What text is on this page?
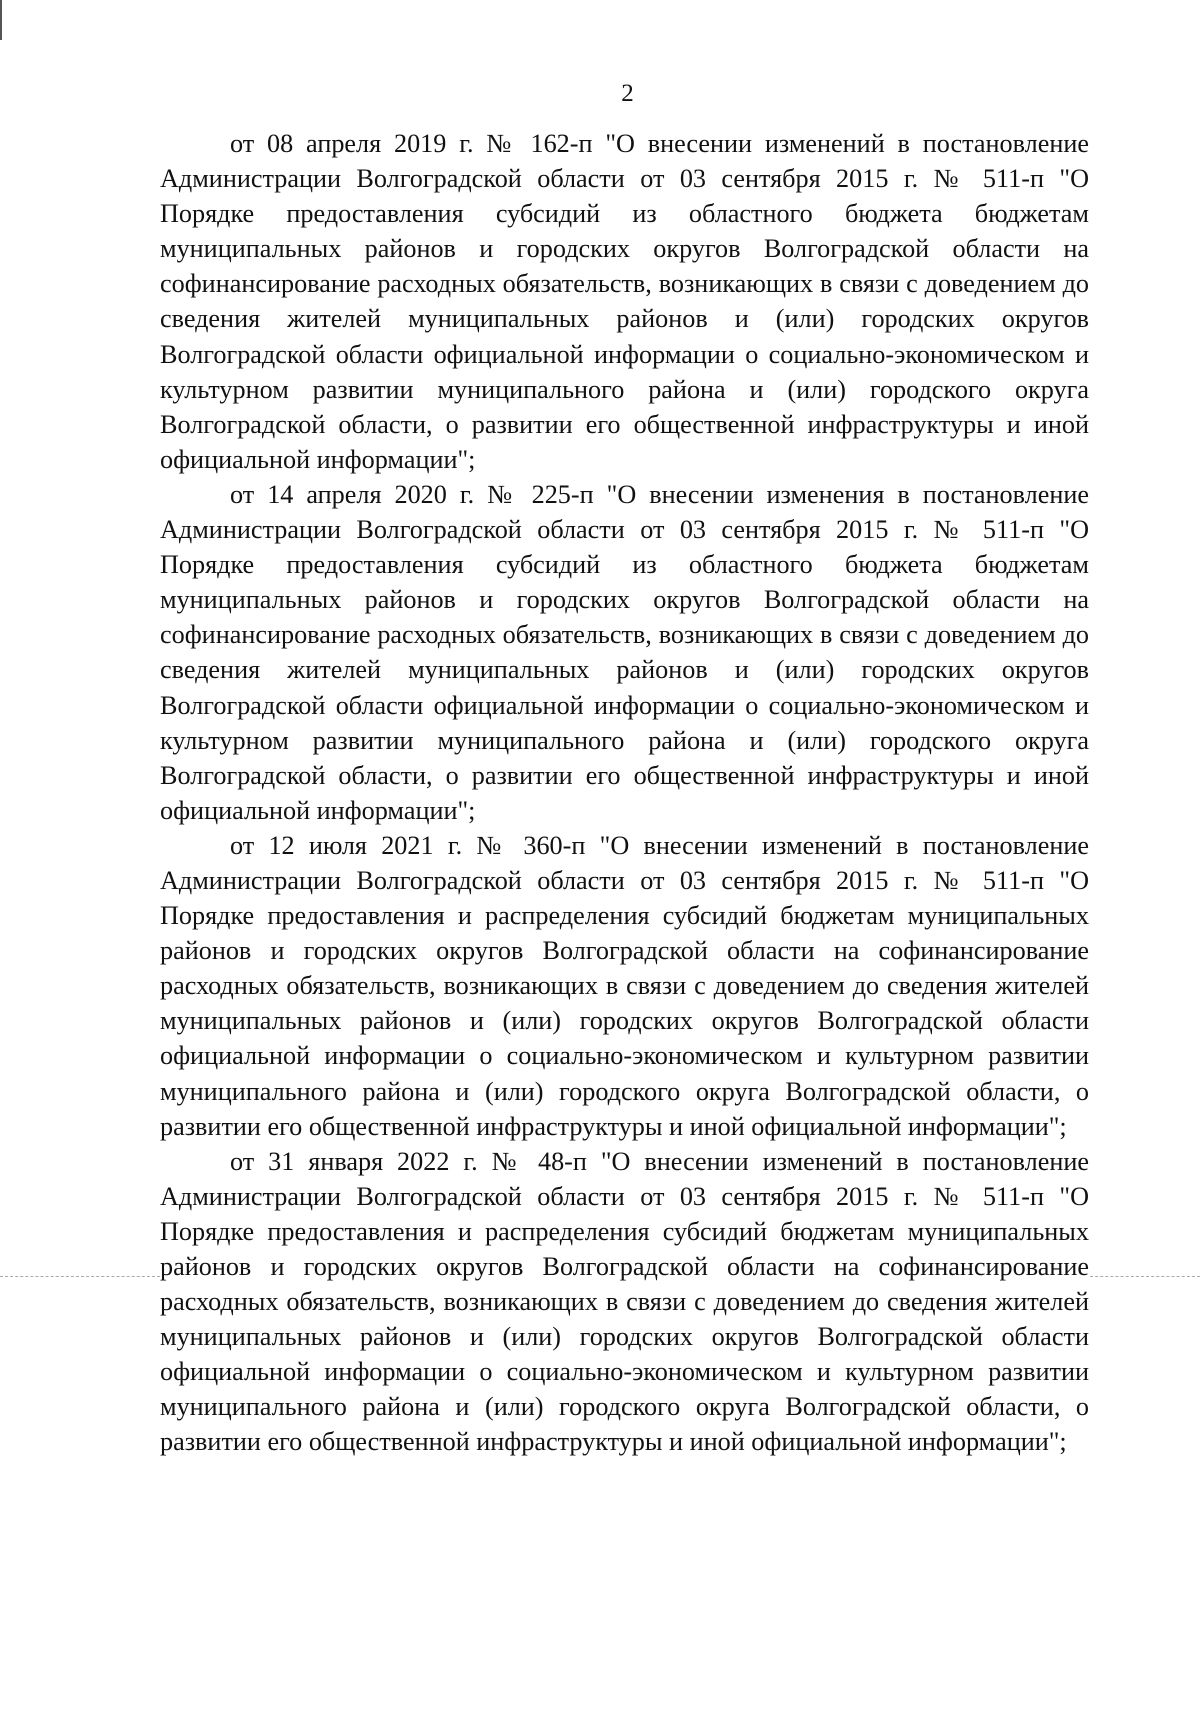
2

от 08 апреля 2019 г. № 162-п "О внесении изменений в постановление Администрации Волгоградской области от 03 сентября 2015 г. № 511-п "О Порядке предоставления субсидий из областного бюджета бюджетам муниципальных районов и городских округов Волгоградской области на софинансирование расходных обязательств, возникающих в связи с доведением до сведения жителей муниципальных районов и (или) городских округов Волгоградской области официальной информации о социально-экономическом и культурном развитии муниципального района и (или) городского округа Волгоградской области, о развитии его общественной инфраструктуры и иной официальной информации";

от 14 апреля 2020 г. № 225-п "О внесении изменения в постановление Администрации Волгоградской области от 03 сентября 2015 г. № 511-п "О Порядке предоставления субсидий из областного бюджета бюджетам муниципальных районов и городских округов Волгоградской области на софинансирование расходных обязательств, возникающих в связи с доведением до сведения жителей муниципальных районов и (или) городских округов Волгоградской области официальной информации о социально-экономическом и культурном развитии муниципального района и (или) городского округа Волгоградской области, о развитии его общественной инфраструктуры и иной официальной информации";

от 12 июля 2021 г. № 360-п "О внесении изменений в постановление Администрации Волгоградской области от 03 сентября 2015 г. № 511-п "О Порядке предоставления и распределения субсидий бюджетам муниципальных районов и городских округов Волгоградской области на софинансирование расходных обязательств, возникающих в связи с доведением до сведения жителей муниципальных районов и (или) городских округов Волгоградской области официальной информации о социально-экономическом и культурном развитии муниципального района и (или) городского округа Волгоградской области, о развитии его общественной инфраструктуры и иной официальной информации";

от 31 января 2022 г. № 48-п "О внесении изменений в постановление Администрации Волгоградской области от 03 сентября 2015 г. № 511-п "О Порядке предоставления и распределения субсидий бюджетам муниципальных районов и городских округов Волгоградской области на софинансирование расходных обязательств, возникающих в связи с доведением до сведения жителей муниципальных районов и (или) городских округов Волгоградской области официальной информации о социально-экономическом и культурном развитии муниципального района и (или) городского округа Волгоградской области, о развитии его общественной инфраструктуры и иной официальной информации";
